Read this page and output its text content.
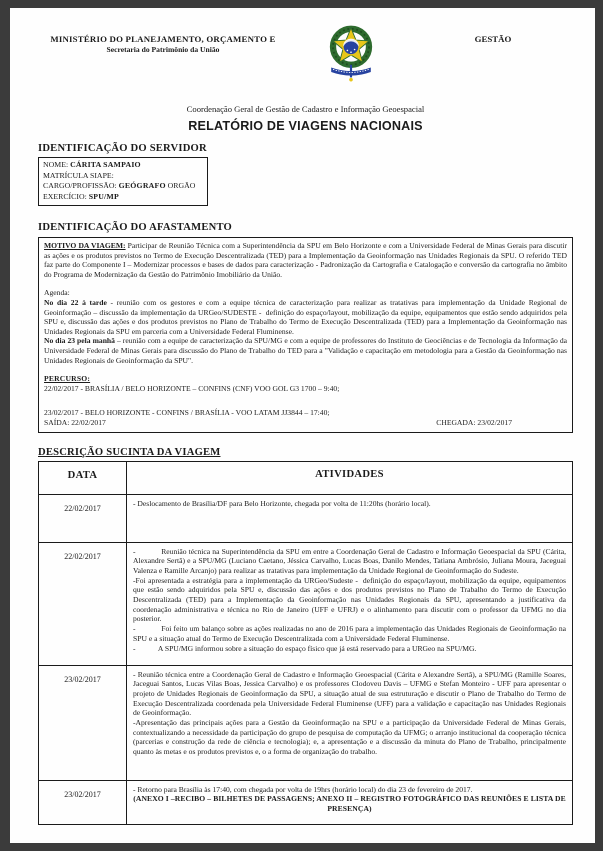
MINISTÉRIO DO PLANEJAMENTO, ORÇAMENTO E
Secretaria do Patrimônio da União
GESTÃO
Coordenação Geral de Gestão de Cadastro e Informação Geoespacial
RELATÓRIO DE VIAGENS NACIONAIS
IDENTIFICAÇÃO DO SERVIDOR
NOME: CÁRITA SAMPAIO
MATRÍCULA SIAPE:
CARGO/PROFISSÃO: GEÓGRAFO ORGÃO
EXERCÍCIO: SPU/MP
IDENTIFICAÇÃO DO AFASTAMENTO
MOTIVO DA VIAGEM: Participar de Reunião Técnica com a Superintendência da SPU em Belo Horizonte e com a Universidade Federal de Minas Gerais para discutir as ações e os produtos previstos no Termo de Execução Descentralizada (TED) para a Implementação da Geoinformação nas Unidades Regionais da SPU. O referido TED faz parte do Componente I – Modernizar processos e bases de dados para caracterização - Padronização da Cartografia e Catalogação e conversão da cartografia no âmbito do Programa de Modernização da Gestão do Patrimônio Imobiliário da União.
Agenda:
No dia 22 à tarde - reunião com os gestores e com a equipe técnica de caracterização para realizar as tratativas para implementação da Unidade Regional de Geoinformação – discussão da implementação da URGeo/SUDESTE -  definição do espaço/layout, mobilização da equipe, equipamentos que estão sendo adquiridos pela SPU e, discussão das ações e dos produtos previstos no Plano de Trabalho do Termo de Execução Descentralizada (TED) para a Implementação da Geoinformação nas Unidades Regionais da SPU em parceria com a Universidade Federal Fluminense.
No dia 23 pela manhã – reunião com a equipe de caracterização da SPU/MG e com a equipe de professores do Instituto de Geociências e de Tecnologia da Informação da Universidade Federal de Minas Gerais para discussão do Plano de Trabalho do TED para a "Validação e capacitação em metodologia para a Gestão da Geoinformação nas Unidades Regionais de Geoinformação da SPU".
PERCURSO:
22/02/2017 - BRASÍLIA / BELO HORIZONTE – CONFINS (CNF) VOO GOL G3 1700 – 9:40;
23/02/2017 - BELO HORIZONTE - CONFINS / BRASÍLIA - VOO LATAM JJ3844 – 17:40;
SAÍDA: 22/02/2017	CHEGADA: 23/02/2017
DESCRIÇÃO SUCINTA DA VIAGEM
DATA	ATIVIDADES
22/02/2017
- Deslocamento de Brasília/DF para Belo Horizonte, chegada por volta de 11:20hs (horário local).
22/02/2017
-            Reunião técnica na Superintendência da SPU em entre a Coordenação Geral de Cadastro e Informação Geoespacial da SPU (Cárita, Alexandre Sertã) e a SPU/MG (Luciano Caetano, Jéssica Carvalho, Lucas Boas, Danilo Mendes, Tatiana Ambrósio, Juliana Moura, Jaceguai Valenza e Ramille Arcanjo) para realizar as tratativas para implementação da Unidade Regional de Geoinformação do Sudeste.
-Foi apresentada a estratégia para a implementação da URGeo/Sudeste -  definição do espaço/layout, mobilização da equipe, equipamentos que estão sendo adquiridos pela SPU e, discussão das ações e dos produtos previstos no Plano de Trabalho do Termo de Execução Descentralizada (TED) para a Implementação da Geoinformação nas Unidades Regionais da SPU, apresentando a justificativa da coordenação administrativa e técnica no Rio de Janeiro (UFF e UFRJ) e o alinhamento para discutir com o professor da UFMG no dia posterior.
-            Foi feito um balanço sobre as ações realizadas no ano de 2016 para a implementação das Unidades Regionais de Geoinformação na SPU e a situação atual do Termo de Execução Descentralizada com a Universidade Federal Fluminense.
-            A SPU/MG informou sobre a situação do espaço físico que já está reservado para a URGeo na SPU/MG.
23/02/2017
- Reunião técnica entre a Coordenação Geral de Cadastro e Informação Geoespacial (Cárita e Alexandre Sertã), a SPU/MG (Ramille Soares, Jaceguai Santos, Lucas Vilas Boas, Jessica Carvalho) e os professores Clodoveu Davis – UFMG e Stefan Monteiro - UFF para apresentar o projeto de Unidades Regionais de Geoinformação da SPU, a situação atual de sua estruturação e discutir o Plano de Trabalho do Termo de Execução Descentralizada coordenada pela Universidade Federal Fluminense (UFF) para a validação e capacitação nas Unidades Regionais de Geoinformação.
-Apresentação das principais ações para a Gestão da Geoinformação na SPU e a participação da Universidade Federal de Minas Gerais, contextualizando a necessidade da participação do grupo de pesquisa de computação da UFMG; o arranjo institucional da cooperação técnica (parcerias e construção da rede de ciência e tecnologia); e, a apresentação e a discussão da minuta do Plano de Trabalho, principalmente quanto às metas e os produtos previstos e, o a forma de organização do trabalho.
23/02/2017
- Retorno para Brasília às 17:40, com chegada por volta de 19hrs (horário local) do dia 23 de fevereiro de 2017.
(ANEXO I –RECIBO – BILHETES DE PASSAGENS; ANEXO II – REGISTRO FOTOGRÁFICO DAS REUNIÕES E LISTA DE PRESENÇA)
